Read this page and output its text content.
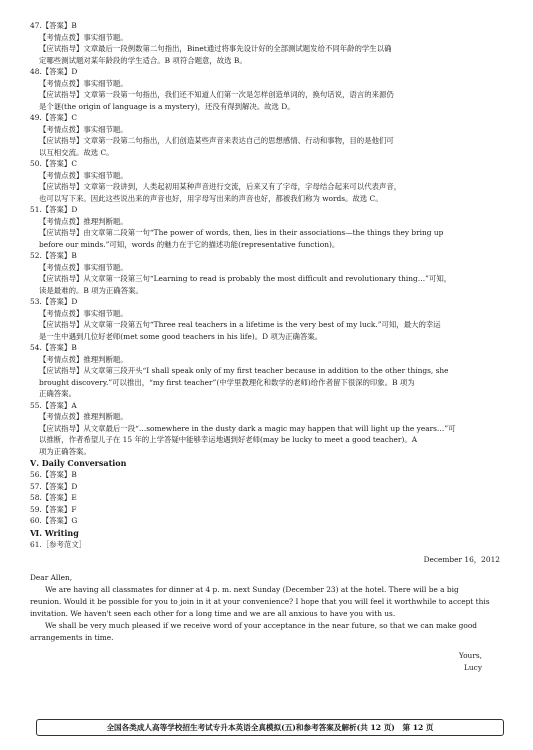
47.【答案】B
【考情点拨】事实细节题。
【应试指导】文章最后一段例数第二句指出，Binet通过将事先设计好的全部测试题发给不同年龄的学生以确
定哪些测试题对某年龄段的学生适合。B 项符合题意，故选 B。
48.【答案】D
【考情点拨】事实细节题。
【应试指导】文章第一段第一句指出，我们还不知道人们第一次是怎样创造单词的，换句话说，语言的来源仍
是个谜(the origin of language is a mystery)，还没有得到解决。故选 D。
49.【答案】C
【考情点拨】事实细节题。
【应试指导】文章第一段第二句指出，人们创造某些声音来表达自己的思想感情、行动和事物，目的是他们可
以互相交流。故选 C。
50.【答案】C
【考情点拨】事实细节题。
【应试指导】文章第一段讲到，人类起初用某种声音进行交流，后来又有了字母，字母结合起来可以代表声音，
也可以写下来。因此这些说出来的声音也好，用字母写出来的声音也好，都被我们称为 words。故选 C。
51.【答案】D
【考情点拨】推理判断题。
【应试指导】由文章第二段第一句“The power of words, then, lies in their associations—the things they bring up
before our minds.”可知，words 的魅力在于它的描述功能(representative function)。
52.【答案】B
【考情点拨】事实细节题。
【应试指导】从文章第一段第三句“Learning to read is probably the most difficult and revolutionary thing…”可知，
读是最难的。B 项为正确答案。
53.【答案】D
【考情点拨】事实细节题。
【应试指导】从文章第一段第五句“Three real teachers in a lifetime is the very best of my luck.”可知，最大的幸运
是一生中遇到几位好老师(met some good teachers in his life)。D 项为正确答案。
54.【答案】B
【考情点拨】推理判断题。
【应试指导】从文章第三段开头“I shall speak only of my first teacher because in addition to the other things, she
brought discovery.”可以推出，“my first teacher”(中学里教理化和数学的老师)给作者留下很深的印象。B 项为
正确答案。
55.【答案】A
【考情点拨】推理判断题。
【应试指导】从文章最后一段“…somewhere in the dusty dark a magic may happen that will light up the years…”可
以推断，作者希望儿子在 15 年的上学答疑中能够幸运地遇到好老师(may be lucky to meet a good teacher)。A
项为正确答案。
Ⅴ. Daily Conversation
56.【答案】B
57.【答案】D
58.【答案】E
59.【答案】F
60.【答案】G
Ⅵ. Writing
61.［参考范文］
December 16，2012
Dear Allen,
We are having all classmates for dinner at 4 p. m. next Sunday (December 23) at the hotel. There will be a big
reunion. Would it be possible for you to join in it at your convenience? I hope that you will feel it worthwhile to accept this
invitation. We haven't seen each other for a long time and we are all anxious to have you with us.
We shall be very much pleased if we receive word of your acceptance in the near future, so that we can make good
arrangements in time.
Yours,
Lucy
全国各类成人高等学校招生考试专升本英语全真模拟(五)和参考答案及解析(共 12 页)　第 12 页
